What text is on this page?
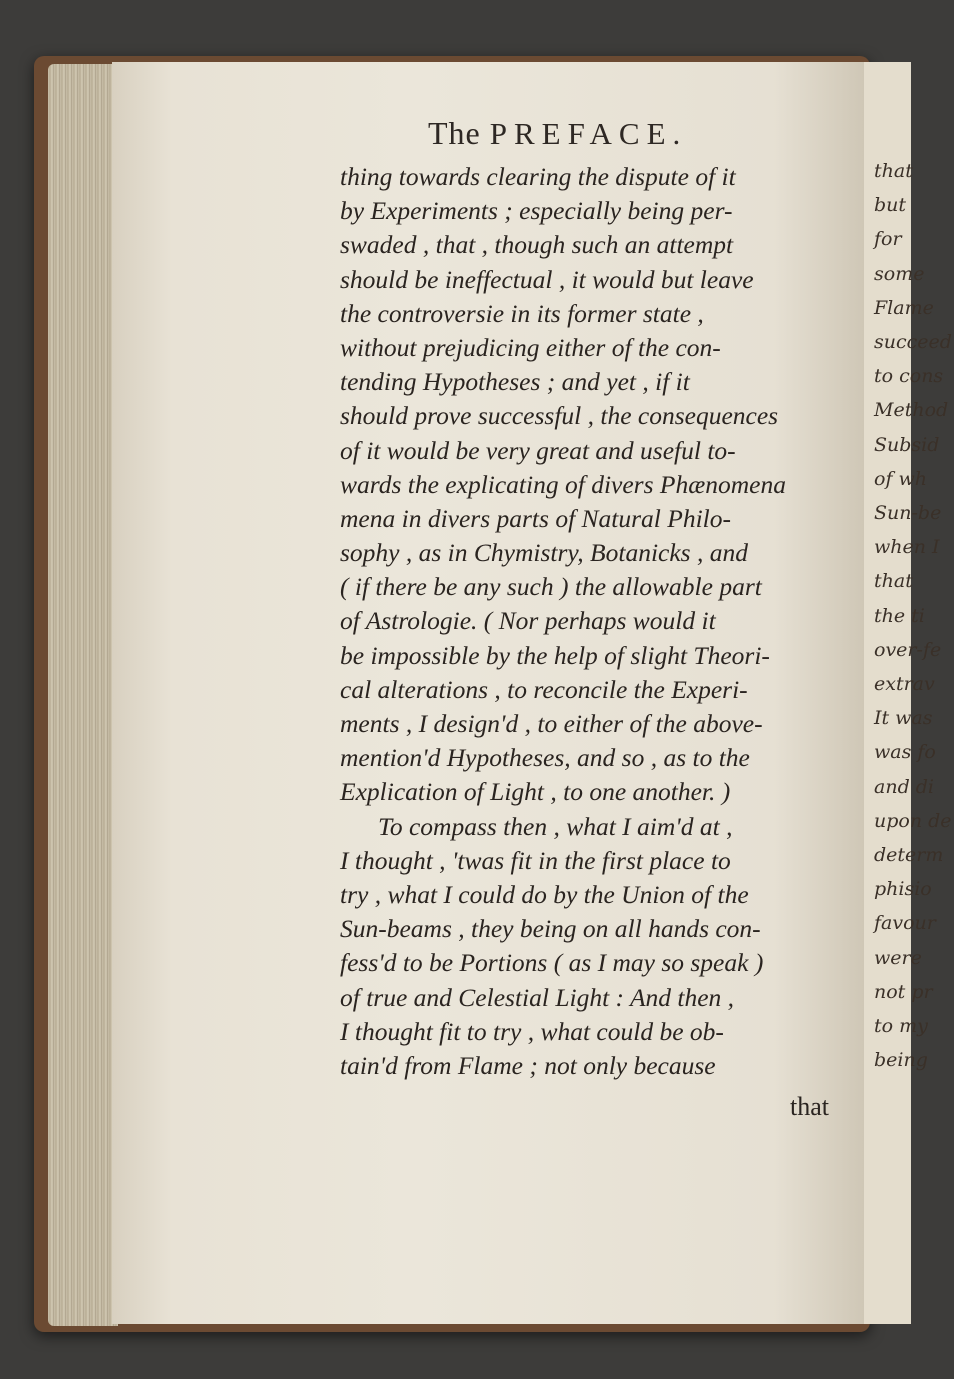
that
but
for
some
Flame
succeed
to cons
Method
Subsid
of wh
Sun-be
when I
that
the ti
over-fe
extrav
It was
was fo
and di
upon de
determ
phisio
favour
were
not pr
to my
being
The PREFACE.
thing towards clearing the dispute of it
by Experiments ; especially being per-
swaded , that , though such an attempt
should be ineffectual , it would but leave
the controversie in its former state ,
without prejudicing either of the con-
tending Hypotheses ; and yet , if it
should prove successful , the consequences
of it would be very great and useful to-
wards the explicating of divers Phænomena
mena in divers parts of Natural Philo-
sophy , as in Chymistry, Botanicks , and
( if there be any such ) the allowable part
of Astrologie. ( Nor perhaps would it
be impossible by the help of slight Theori-
cal alterations , to reconcile the Experi-
ments , I design'd , to either of the above-
mention'd Hypotheses, and so , as to the
Explication of Light , to one another. )
To compass then , what I aim'd at ,
I thought , 'twas fit in the first place to
try , what I could do by the Union of the
Sun-beams , they being on all hands con-
fess'd to be Portions ( as I may so speak )
of true and Celestial Light : And then ,
I thought fit to try , what could be ob-
tain'd from Flame ; not only because
that
